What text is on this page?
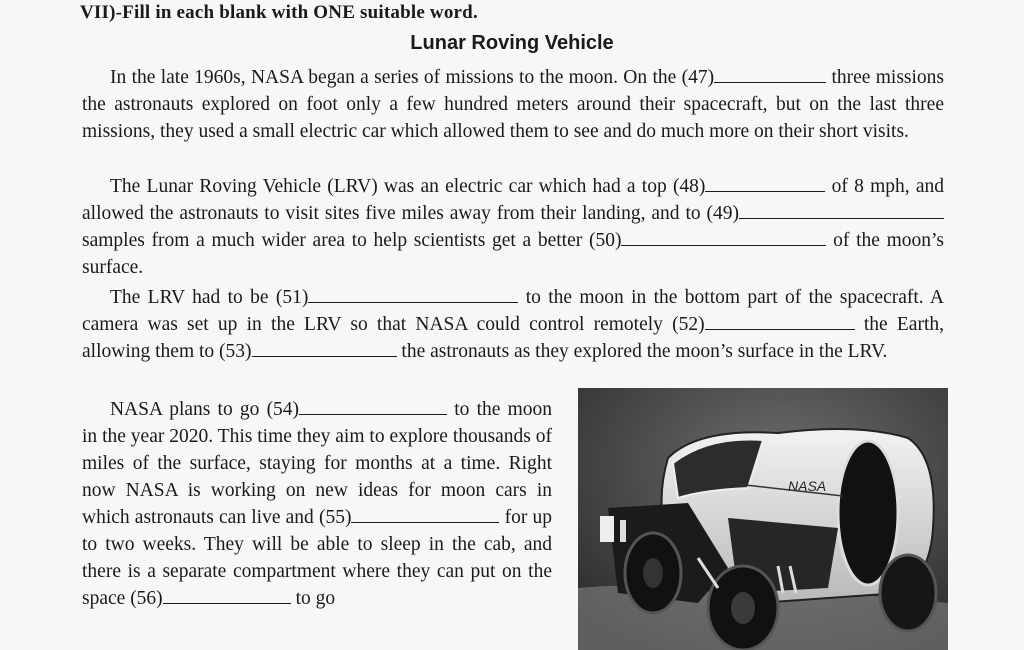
VII)-Fill in each blank with ONE suitable word.
Lunar Roving Vehicle

In the late 1960s, NASA began a series of missions to the moon. On the (47)	three missions the astronauts explored on foot only a few hundred meters around their spacecraft, but on the last three missions, they used a small electric car which allowed them to see and do much more on their short visits.

The Lunar Roving Vehicle (LRV) was an electric car which had a top (48)	of 8 mph, and allowed the astronauts to visit sites five miles away from their landing, and to (49) samples from a much wider area to help scientists get a better (50)	of the moon’s surface.

The LRV had to be (51)	to the moon in the bottom part of the spacecraft. A camera was set up in the LRV so that NASA could control remotely (52)	the Earth, allowing them to (53)	the astronauts as they explored the moon’s surface in the LRV.

NASA plans to go (54)	to the moon in the year 2020. This time they aim to explore thousands of miles of the surface, staying for months at a time. Right now NASA is working on new ideas for moon cars in which astronauts can live and (55)	for up to two weeks. They will be able to sleep in the cab, and there is a separate compartment where they can put on the space (56)	to go

NASA
